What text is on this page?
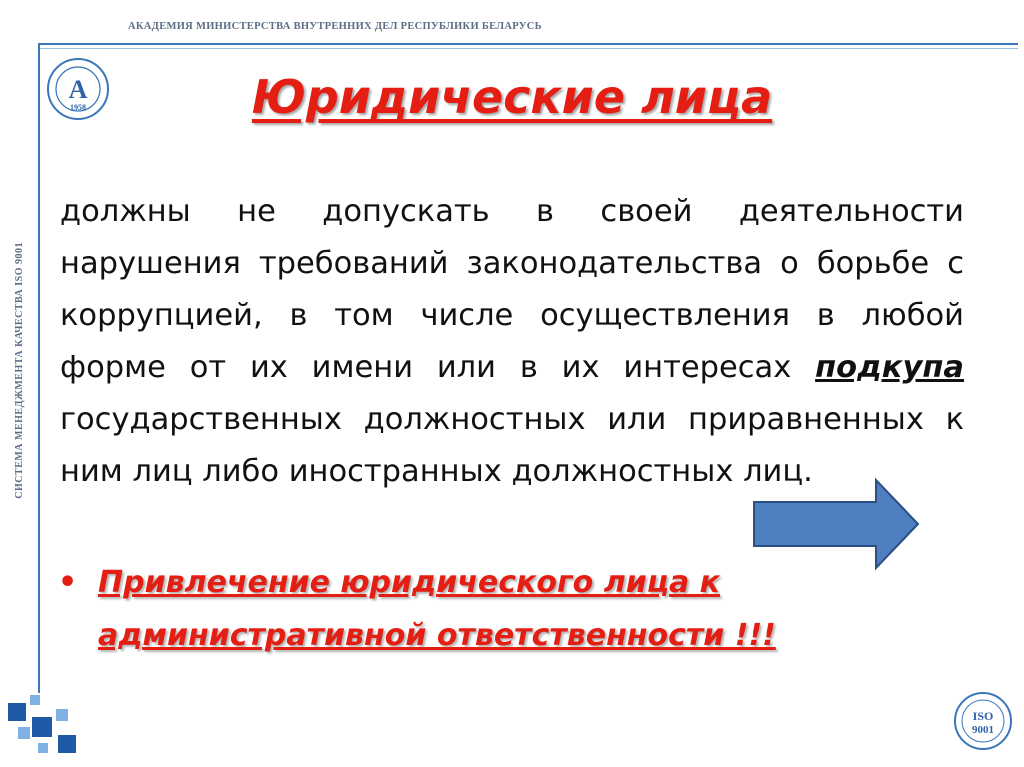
АКАДЕМИЯ МИНИСТЕРСТВА ВНУТРЕННИХ ДЕЛ РЕСПУБЛИКИ БЕЛАРУСЬ
СИСТЕМА МЕНЕДЖМЕНТА КАЧЕСТВА ISO 9001
A
1958
ISO
9001
Юридические лица

должны не допускать в своей деятельности нарушения требований законодательства о борьбе с коррупцией, в том числе осуществления в любой форме от их имени или в их интересах подкупа государственных должностных или приравненных к ним лиц либо иностранных должностных лиц.

• Привлечение юридического лица к административной ответственности !!!
